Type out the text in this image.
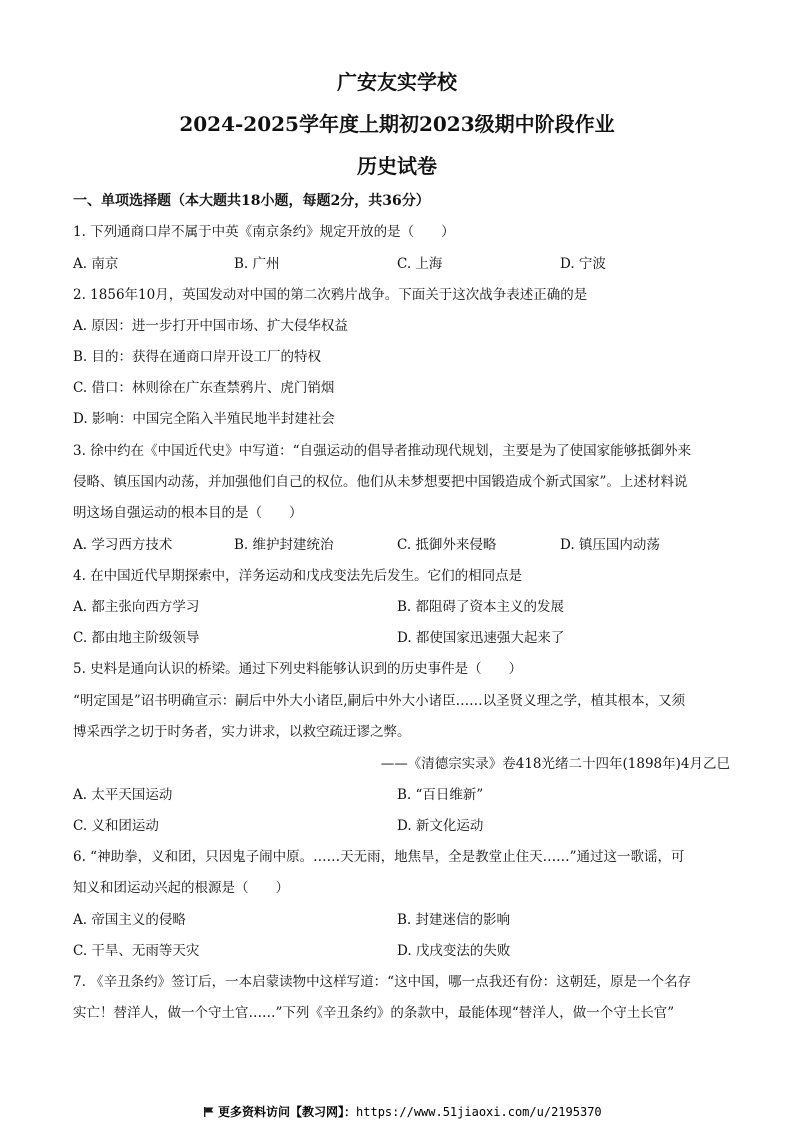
广安友实学校
2024-2025学年度上期初2023级期中阶段作业
历史试卷
一、单项选择题（本大题共18小题，每题2分，共36分）
1. 下列通商口岸不属于中英《南京条约》规定开放的是（　　）
A. 南京	B. 广州	C. 上海	D. 宁波
2. 1856年10月，英国发动对中国的第二次鸦片战争。下面关于这次战争表述正确的是
A. 原因：进一步打开中国市场、扩大侵华权益
B. 目的：获得在通商口岸开设工厂的特权
C. 借口：林则徐在广东查禁鸦片、虎门销烟
D. 影响：中国完全陷入半殖民地半封建社会
3. 徐中约在《中国近代史》中写道：“自强运动的倡导者推动现代规划，主要是为了使国家能够抵御外来
侵略、镇压国内动荡，并加强他们自己的权位。他们从未梦想要把中国锻造成个新式国家”。上述材料说
明这场自强运动的根本目的是（　　）
A. 学习西方技术	B. 维护封建统治	C. 抵御外来侵略	D. 镇压国内动荡
4. 在中国近代早期探索中，洋务运动和戊戌变法先后发生。它们的相同点是
A. 都主张向西方学习	B. 都阻碍了资本主义的发展
C. 都由地主阶级领导	D. 都使国家迅速强大起来了
5. 史料是通向认识的桥梁。通过下列史料能够认识到的历史事件是（　　）
“明定国是”诏书明确宣示：嗣后中外大小诸臣,嗣后中外大小诸臣……以圣贤义理之学，植其根本，又须
博采西学之切于时务者，实力讲求，以救空疏迂谬之弊。
——《清德宗实录》卷418光绪二十四年(1898年)4月乙巳
A. 太平天国运动	B. “百日维新”
C. 义和团运动	D. 新文化运动
6. “神助拳，义和团，只因鬼子闹中原。……天无雨，地焦旱，全是教堂止住天……”通过这一歌谣，可
知义和团运动兴起的根源是（　　）
A. 帝国主义的侵略	B. 封建迷信的影响
C. 干旱、无雨等天灾	D. 戊戌变法的失败
7. 《辛丑条约》签订后，一本启蒙读物中这样写道：“这中国，哪一点我还有份：这朝廷，原是一个名存
实亡！替洋人，做一个守土官……”下列《辛丑条约》的条款中，最能体现“替洋人，做一个守土长官”
更多资料访问【教习网】：https://www.51jiaoxi.com/u/2195370
